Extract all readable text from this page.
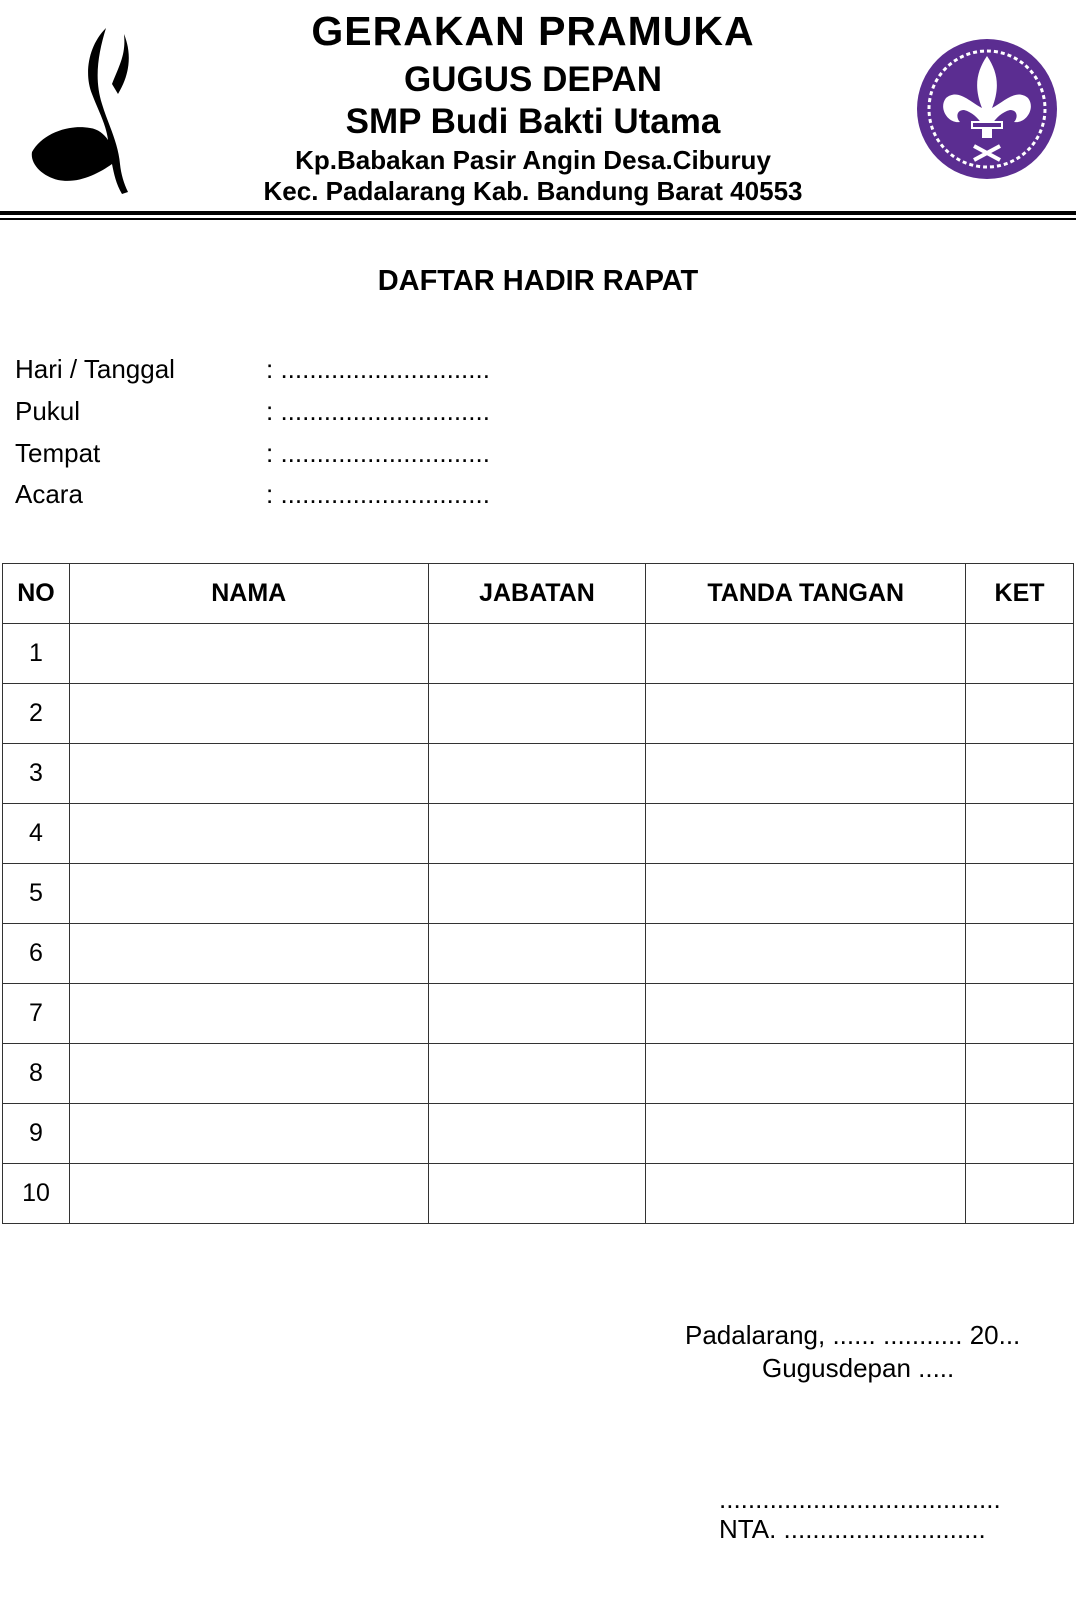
GERAKAN PRAMUKA
GUGUS DEPAN
SMP Budi Bakti Utama
Kp.Babakan Pasir Angin Desa.Ciburuy
Kec. Padalarang Kab. Bandung Barat 40553
DAFTAR HADIR RAPAT
Hari / Tanggal	: .............................
Pukul	: .............................
Tempat	: .............................
Acara	: .............................
NO	NAMA	JABATAN	TANDA TANGAN	KET
1				
2				
3				
4				
5				
6				
7				
8				
9				
10				
Padalarang, ...... ........... 20...
Gugusdepan .....
.......................................
NTA. ............................
